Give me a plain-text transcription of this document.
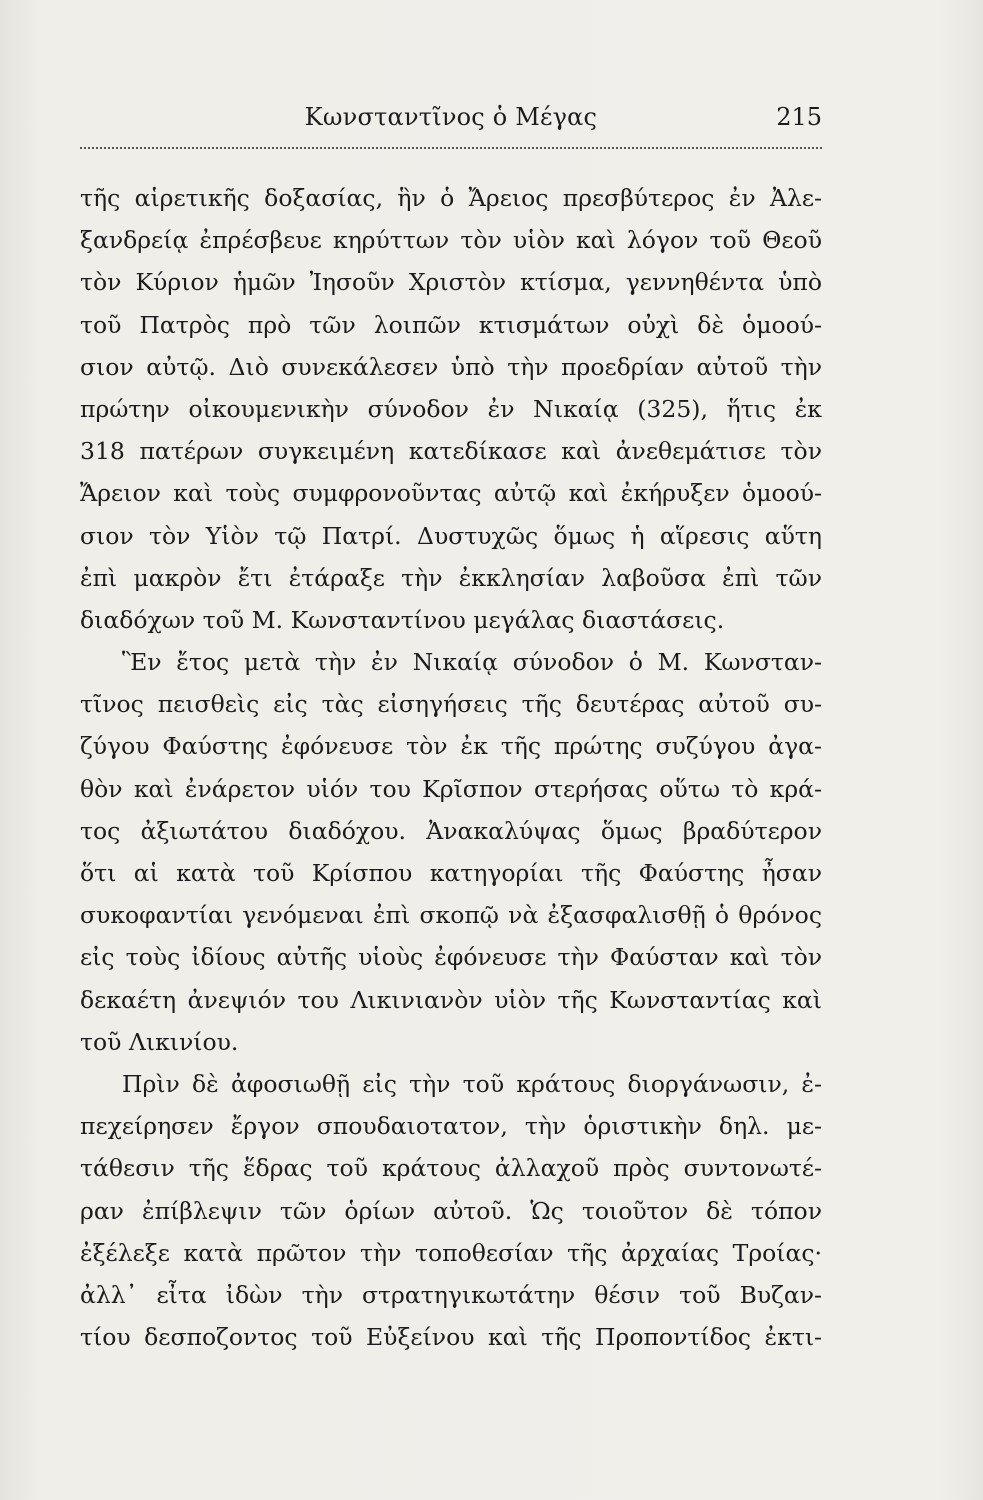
Κωνσταντῖνος ὁ Μέγας	215
τῆς αἱρετικῆς δοξασίας, ἣν ὁ Ἄρειος πρεσβύτερος ἐν Ἀλε-
ξανδρείᾳ ἐπρέσβευε κηρύττων τὸν υἱὸν καὶ λόγον τοῦ Θεοῦ
τὸν Κύριον ἡμῶν Ἰησοῦν Χριστὸν κτίσμα, γεννηθέντα ὑπὸ
τοῦ Πατρὸς πρὸ τῶν λοιπῶν κτισμάτων οὐχὶ δὲ ὁμοού-
σιον αὐτῷ. Διὸ συνεκάλεσεν ὑπὸ τὴν προεδρίαν αὐτοῦ τὴν
πρώτην οἰκουμενικὴν σύνοδον ἐν Νικαίᾳ (325), ἥτις ἐκ
318 πατέρων συγκειμένη κατεδίκασε καὶ ἀνεθεμάτισε τὸν
Ἄρειον καὶ τοὺς συμφρονοῦντας αὐτῷ καὶ ἐκήρυξεν ὁμοού-
σιον τὸν Υἱὸν τῷ Πατρί. Δυστυχῶς ὅμως ἡ αἵρεσις αὕτη
ἐπὶ μακρὸν ἔτι ἐτάραξε τὴν ἐκκλησίαν λαβοῦσα ἐπὶ τῶν
διαδόχων τοῦ Μ. Κωνσταντίνου μεγάλας διαστάσεις.
Ἓν ἔτος μετὰ τὴν ἐν Νικαίᾳ σύνοδον ὁ Μ. Κωνσταν-
τῖνος πεισθεὶς εἰς τὰς εἰσηγήσεις τῆς δευτέρας αὐτοῦ συ-
ζύγου Φαύστης ἐφόνευσε τὸν ἐκ τῆς πρώτης συζύγου ἀγα-
θὸν καὶ ἐνάρετον υἱόν του Κρῖσπον στερήσας οὕτω τὸ κρά-
τος ἀξιωτάτου διαδόχου. Ἀνακαλύψας ὅμως βραδύτερον
ὅτι αἱ κατὰ τοῦ Κρίσπου κατηγορίαι τῆς Φαύστης ἦσαν
συκοφαντίαι γενόμεναι ἐπὶ σκοπῷ νὰ ἐξασφαλισθῇ ὁ θρόνος
εἰς τοὺς ἰδίους αὐτῆς υἱοὺς ἐφόνευσε τὴν Φαύσταν καὶ τὸν
δεκαέτη ἀνεψιόν του Λικινιανὸν υἱὸν τῆς Κωνσταντίας καὶ
τοῦ Λικινίου.
Πρὶν δὲ ἀφοσιωθῇ εἰς τὴν τοῦ κράτους διοργάνωσιν, ἐ-
πεχείρησεν ἔργον σπουδαιοτατον, τὴν ὁριστικὴν δηλ. με-
τάθεσιν τῆς ἕδρας τοῦ κράτους ἀλλαχοῦ πρὸς συντονωτέ-
ραν ἐπίβλεψιν τῶν ὁρίων αὐτοῦ. Ὡς τοιοῦτον δὲ τόπον
ἐξέλεξε κατὰ πρῶτον τὴν τοποθεσίαν τῆς ἀρχαίας Τροίας·
ἀλλ᾽ εἶτα ἰδὼν τὴν στρατηγικωτάτην θέσιν τοῦ Βυζαν-
τίου δεσποζοντος τοῦ Εὐξείνου καὶ τῆς Προποντίδος ἐκτι-
